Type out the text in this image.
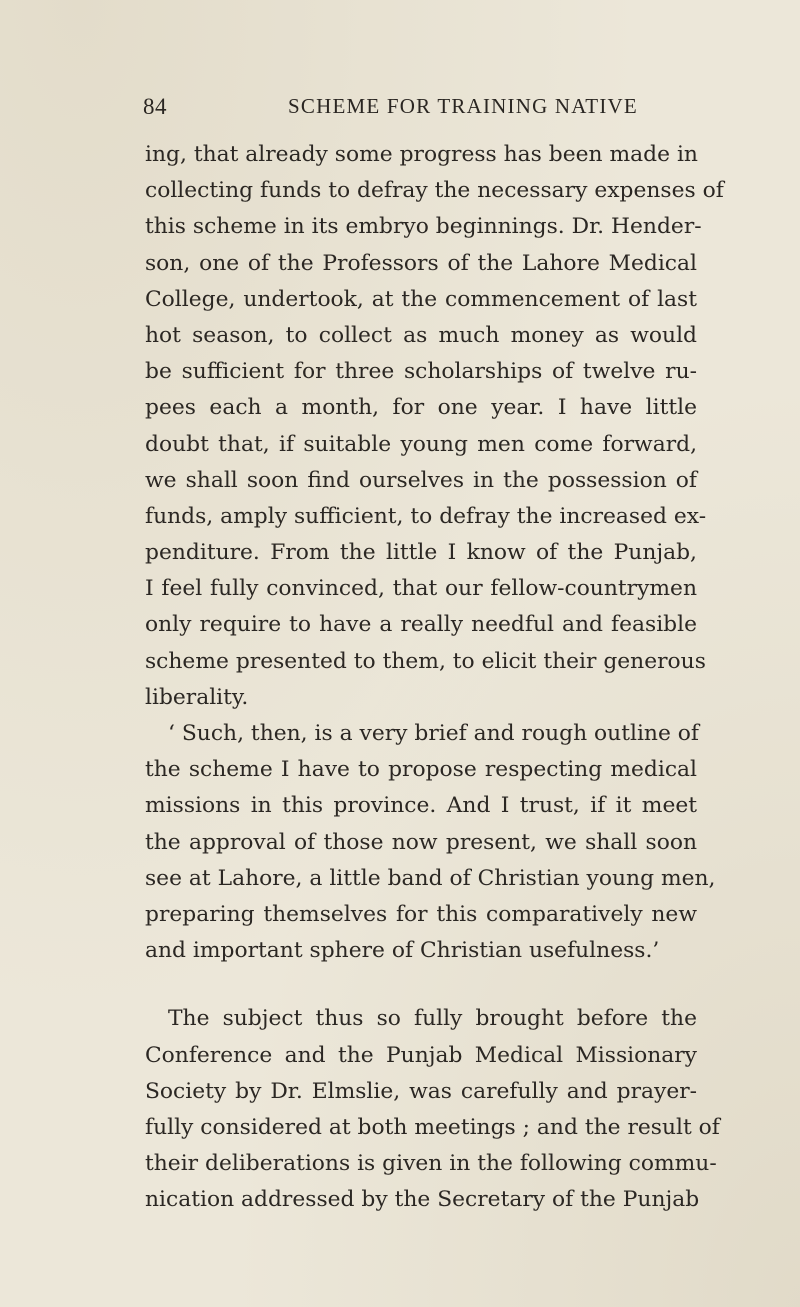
84	SCHEME FOR TRAINING NATIVE
ing, that already some progress has been made in
collecting funds to defray the necessary expenses of
this scheme in its embryo beginnings. Dr. Hender-
son, one of the Professors of the Lahore Medical
College, undertook, at the commencement of last
hot season, to collect as much money as would
be sufficient for three scholarships of twelve ru-
pees each a month, for one year. I have little
doubt that, if suitable young men come forward,
we shall soon find ourselves in the possession of
funds, amply sufficient, to defray the increased ex-
penditure. From the little I know of the Punjab,
I feel fully convinced, that our fellow-countrymen
only require to have a really needful and feasible
scheme presented to them, to elicit their generous
liberality.
‘ Such, then, is a very brief and rough outline of
the scheme I have to propose respecting medical
missions in this province. And I trust, if it meet
the approval of those now present, we shall soon
see at Lahore, a little band of Christian young men,
preparing themselves for this comparatively new
and important sphere of Christian usefulness.’
The subject thus so fully brought before the
Conference and the Punjab Medical Missionary
Society by Dr. Elmslie, was carefully and prayer-
fully considered at both meetings ; and the result of
their deliberations is given in the following commu-
nication addressed by the Secretary of the Punjab
